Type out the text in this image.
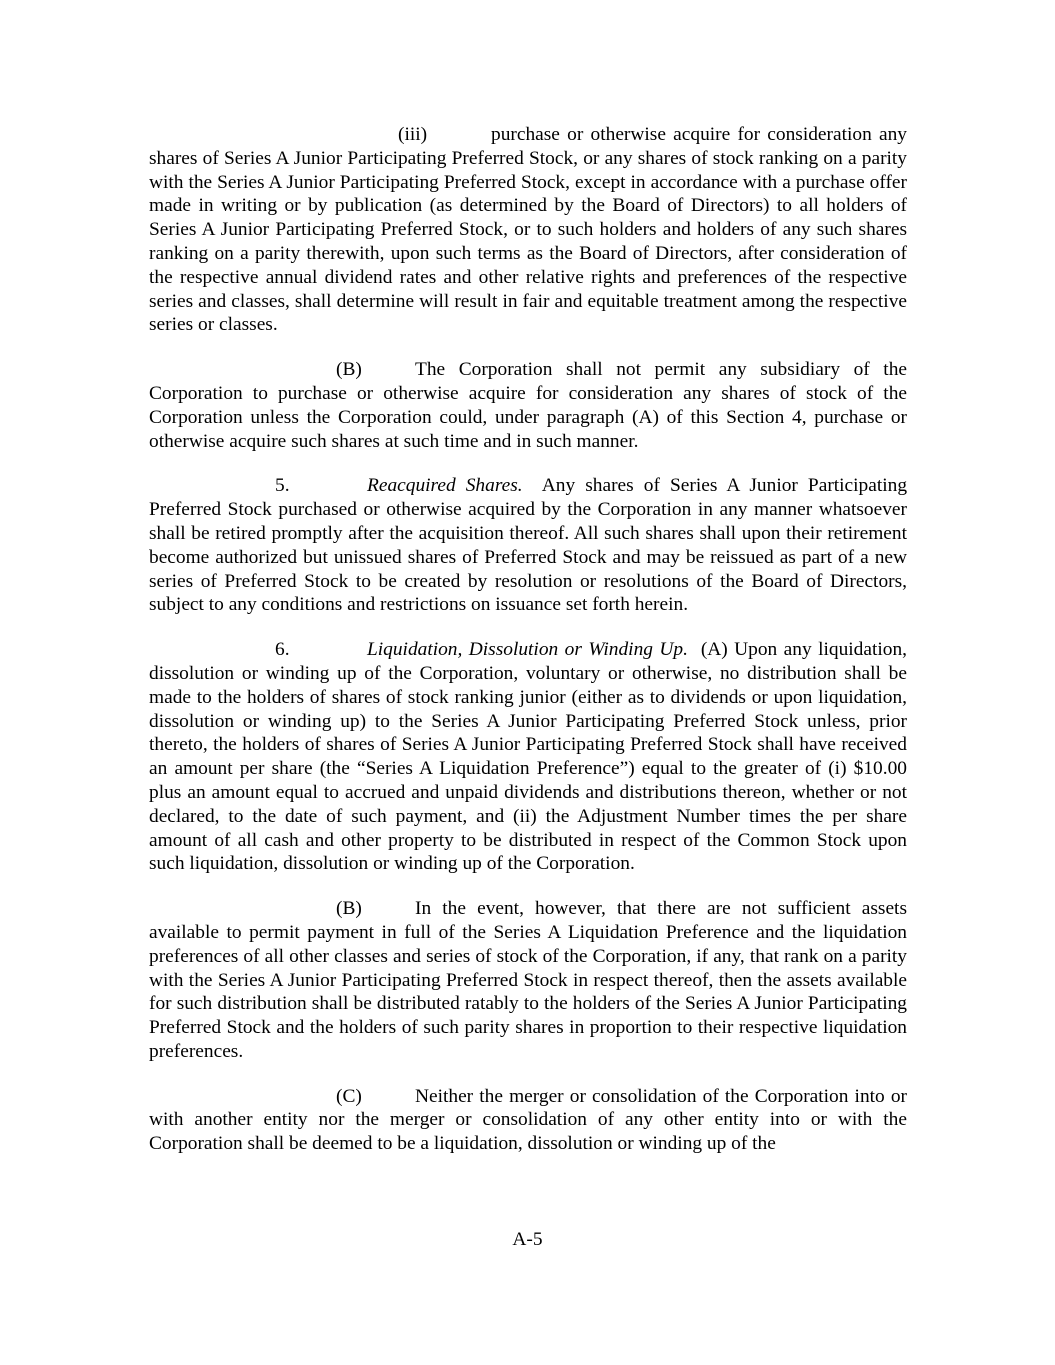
(iii)	purchase or otherwise acquire for consideration any shares of Series A Junior Participating Preferred Stock, or any shares of stock ranking on a parity with the Series A Junior Participating Preferred Stock, except in accordance with a purchase offer made in writing or by publication (as determined by the Board of Directors) to all holders of Series A Junior Participating Preferred Stock, or to such holders and holders of any such shares ranking on a parity therewith, upon such terms as the Board of Directors, after consideration of the respective annual dividend rates and other relative rights and preferences of the respective series and classes, shall determine will result in fair and equitable treatment among the respective series or classes.

(B)	The Corporation shall not permit any subsidiary of the Corporation to purchase or otherwise acquire for consideration any shares of stock of the Corporation unless the Corporation could, under paragraph (A) of this Section 4, purchase or otherwise acquire such shares at such time and in such manner.

5.	Reacquired Shares. Any shares of Series A Junior Participating Preferred Stock purchased or otherwise acquired by the Corporation in any manner whatsoever shall be retired promptly after the acquisition thereof. All such shares shall upon their retirement become authorized but unissued shares of Preferred Stock and may be reissued as part of a new series of Preferred Stock to be created by resolution or resolutions of the Board of Directors, subject to any conditions and restrictions on issuance set forth herein.

6.	Liquidation, Dissolution or Winding Up. (A) Upon any liquidation, dissolution or winding up of the Corporation, voluntary or otherwise, no distribution shall be made to the holders of shares of stock ranking junior (either as to dividends or upon liquidation, dissolution or winding up) to the Series A Junior Participating Preferred Stock unless, prior thereto, the holders of shares of Series A Junior Participating Preferred Stock shall have received an amount per share (the “Series A Liquidation Preference”) equal to the greater of (i) $10.00 plus an amount equal to accrued and unpaid dividends and distributions thereon, whether or not declared, to the date of such payment, and (ii) the Adjustment Number times the per share amount of all cash and other property to be distributed in respect of the Common Stock upon such liquidation, dissolution or winding up of the Corporation.

(B)	In the event, however, that there are not sufficient assets available to permit payment in full of the Series A Liquidation Preference and the liquidation preferences of all other classes and series of stock of the Corporation, if any, that rank on a parity with the Series A Junior Participating Preferred Stock in respect thereof, then the assets available for such distribution shall be distributed ratably to the holders of the Series A Junior Participating Preferred Stock and the holders of such parity shares in proportion to their respective liquidation preferences.

(C)	Neither the merger or consolidation of the Corporation into or with another entity nor the merger or consolidation of any other entity into or with the Corporation shall be deemed to be a liquidation, dissolution or winding up of the

A-5
